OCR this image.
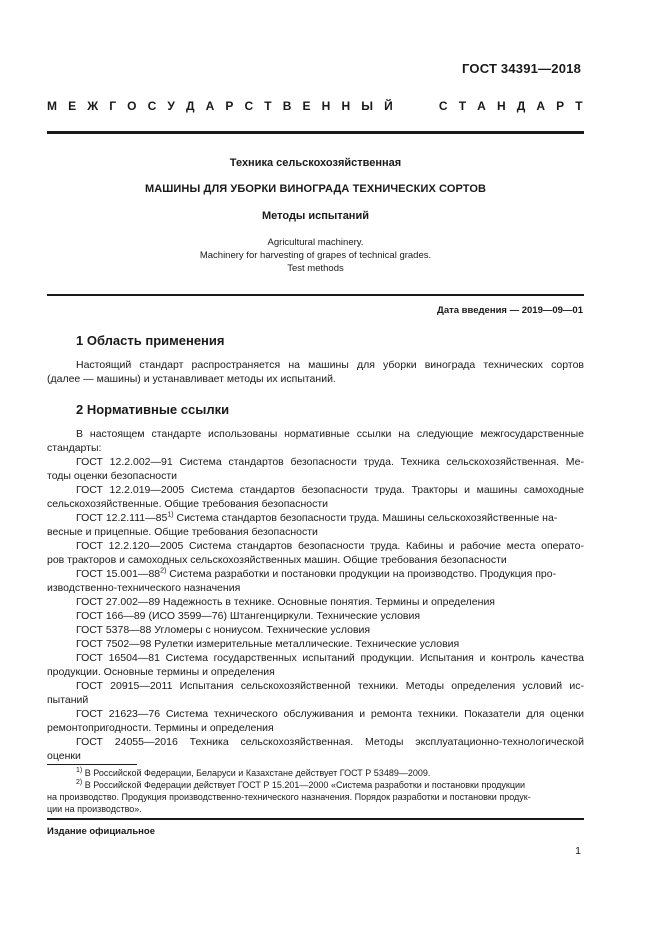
ГОСТ 34391—2018
М Е Ж Г О С У Д А Р С Т В Е Н Н Ы Й	С Т А Н Д А Р Т
Техника сельскохозяйственная
МАШИНЫ ДЛЯ УБОРКИ ВИНОГРАДА ТЕХНИЧЕСКИХ СОРТОВ
Методы испытаний
Agricultural machinery.
Machinery for harvesting of grapes of technical grades.
Test methods
Дата введения — 2019—09—01
1 Область применения
Настоящий стандарт распространяется на машины для уборки винограда технических сортов
(далее — машины) и устанавливает методы их испытаний.
2 Нормативные ссылки
В настоящем стандарте использованы нормативные ссылки на следующие межгосударственные
стандарты:
ГОСТ 12.2.002—91 Система стандартов безопасности труда. Техника сельскохозяйственная. Ме-
тоды оценки безопасности
ГОСТ 12.2.019—2005 Система стандартов безопасности труда. Тракторы и машины самоходные
сельскохозяйственные. Общие требования безопасности
ГОСТ 12.2.111—85$^{1)}$ Система стандартов безопасности труда. Машины сельскохозяйственные на-
весные и прицепные. Общие требования безопасности
ГОСТ 12.2.120—2005 Система стандартов безопасности труда. Кабины и рабочие места операто-
ров тракторов и самоходных сельскохозяйственных машин. Общие требования безопасности
ГОСТ 15.001—88$^{2)}$ Система разработки и постановки продукции на производство. Продукция про-
изводственно-технического назначения
ГОСТ 27.002—89 Надежность в технике. Основные понятия. Термины и определения
ГОСТ 166—89 (ИСО 3599—76) Штангенциркули. Технические условия
ГОСТ 5378—88 Угломеры с нониусом. Технические условия
ГОСТ 7502—98 Рулетки измерительные металлические. Технические условия
ГОСТ 16504—81 Система государственных испытаний продукции. Испытания и контроль качества
продукции. Основные термины и определения
ГОСТ 20915—2011 Испытания сельскохозяйственной техники. Методы определения условий ис-
пытаний
ГОСТ 21623—76 Система технического обслуживания и ремонта техники. Показатели для оценки
ремонтопригодности. Термины и определения
ГОСТ 24055—2016 Техника сельскохозяйственная. Методы эксплуатационно-технологической
оценки
$^{1)}$ В Российской Федерации, Беларуси и Казахстане действует ГОСТ Р 53489—2009.
$^{2)}$ В Российской Федерации действует ГОСТ Р 15.201—2000 «Система разработки и постановки продукции
на производство. Продукция производственно-технического назначения. Порядок разработки и постановки продук-
ции на производство».
Издание официальное
1
